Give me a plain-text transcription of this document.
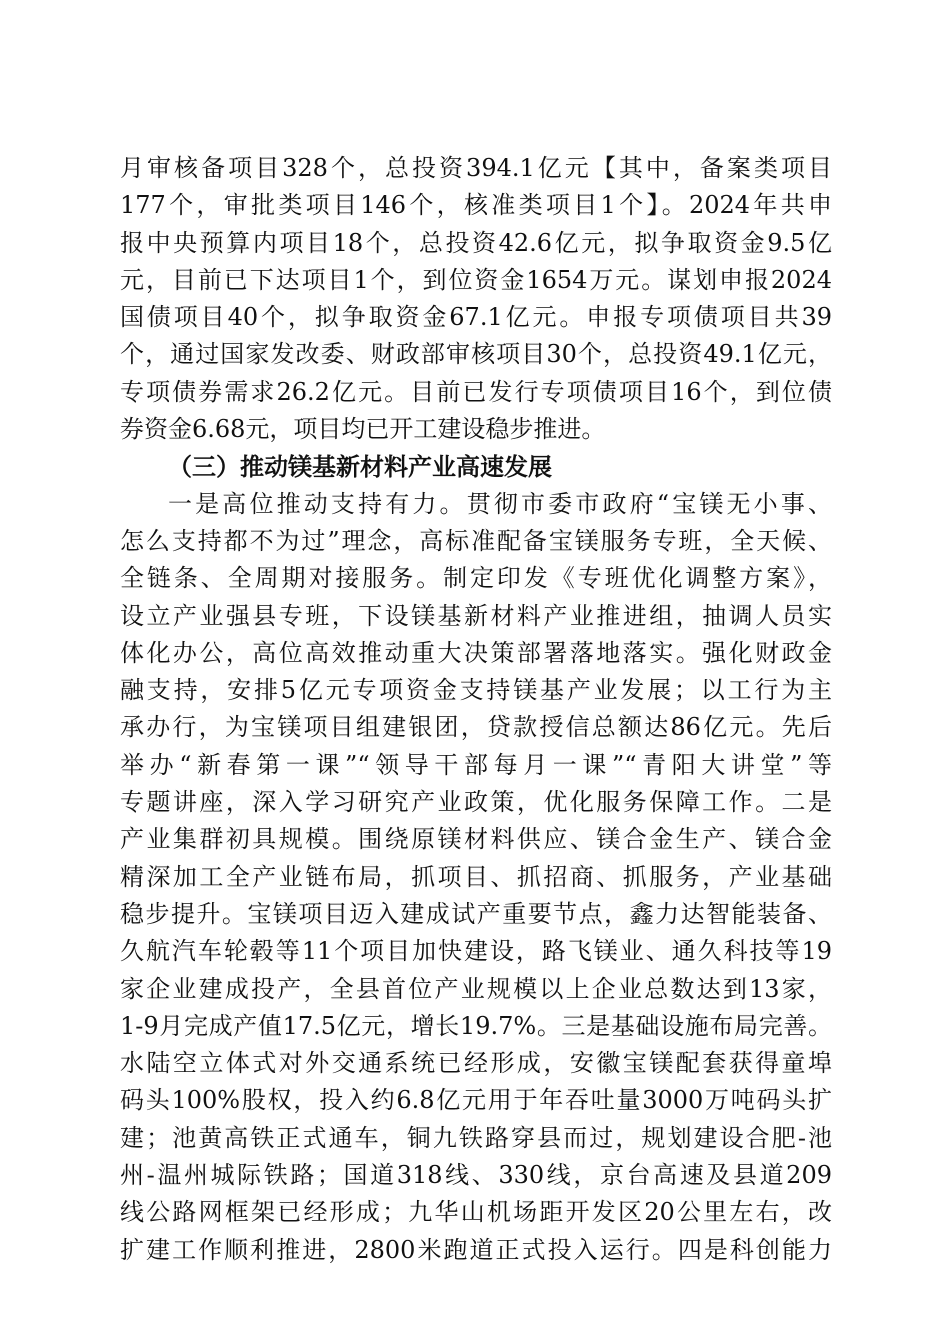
月审核备项目328个，总投资394.1亿元【其中，备案类项目
177个，审批类项目146个，核准类项目1个】。2024年共申
报中央预算内项目18个，总投资42.6亿元，拟争取资金9.5亿
元，目前已下达项目1个，到位资金1654万元。谋划申报2024
国债项目40个，拟争取资金67.1亿元。申报专项债项目共39
个，通过国家发改委、财政部审核项目30个，总投资49.1亿元，
专项债券需求26.2亿元。目前已发行专项债项目16个，到位债
券资金6.68元，项目均已开工建设稳步推进。
（三）推动镁基新材料产业高速发展
一是高位推动支持有力。贯彻市委市政府“宝镁无小事、
怎么支持都不为过”理念，高标准配备宝镁服务专班，全天候、
全链条、全周期对接服务。制定印发《专班优化调整方案》，
设立产业强县专班，下设镁基新材料产业推进组，抽调人员实
体化办公，高位高效推动重大决策部署落地落实。强化财政金
融支持，安排5亿元专项资金支持镁基产业发展；以工行为主
承办行，为宝镁项目组建银团，贷款授信总额达86亿元。先后
举办“新春第一课”“领导干部每月一课”“青阳大讲堂”等
专题讲座，深入学习研究产业政策，优化服务保障工作。二是
产业集群初具规模。围绕原镁材料供应、镁合金生产、镁合金
精深加工全产业链布局，抓项目、抓招商、抓服务，产业基础
稳步提升。宝镁项目迈入建成试产重要节点，鑫力达智能装备、
久航汽车轮毂等11个项目加快建设，路飞镁业、通久科技等19
家企业建成投产，全县首位产业规模以上企业总数达到13家，
1-9月完成产值17.5亿元，增长19.7%。三是基础设施布局完善。
水陆空立体式对外交通系统已经形成，安徽宝镁配套获得童埠
码头100%股权，投入约6.8亿元用于年吞吐量3000万吨码头扩
建；池黄高铁正式通车，铜九铁路穿县而过，规划建设合肥-池
州-温州城际铁路；国道318线、330线，京台高速及县道209
线公路网框架已经形成；九华山机场距开发区20公里左右，改
扩建工作顺利推进，2800米跑道正式投入运行。四是科创能力
